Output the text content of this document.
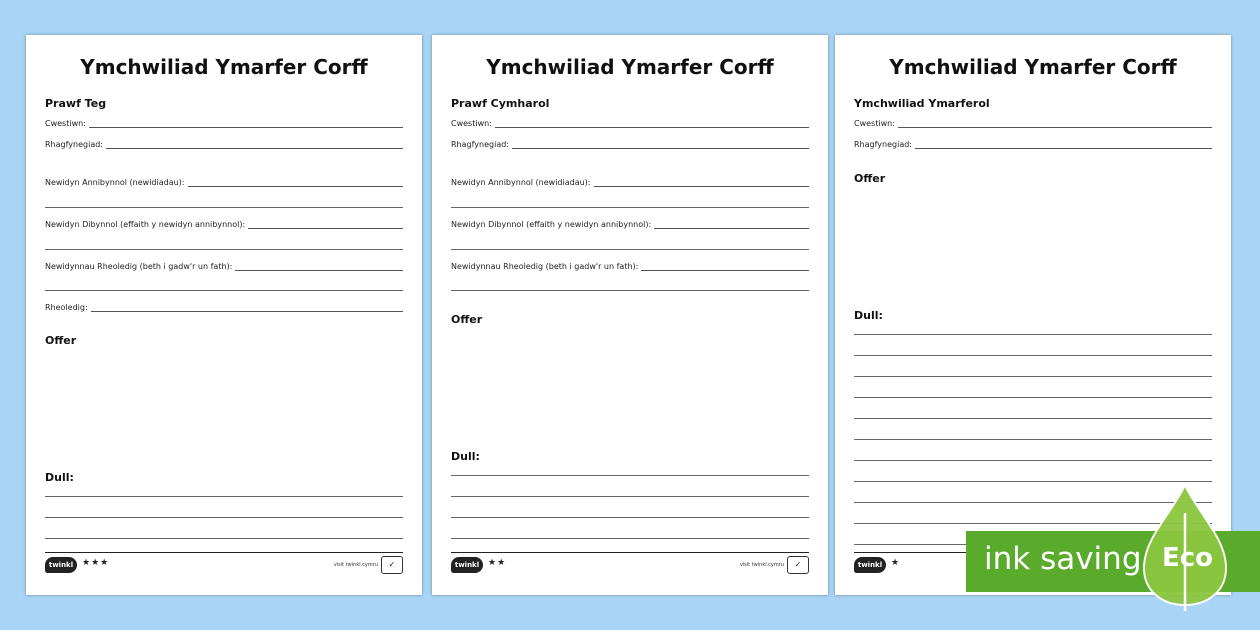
Ymchwiliad Ymarfer Corff
Prawf Teg
Cwestiwn:
Rhagfynegiad:
Newidyn Annibynnol (newidiadau):
Newidyn Dibynnol (effaith y newidyn annibynnol):
Newidynnau Rheoledig (beth i gadw'r un fath):
Rheoledig:
Offer
Dull:
twinkl ★★★	visit twinkl.cymru	✓
Ymchwiliad Ymarfer Corff
Prawf Cymharol
Cwestiwn:
Rhagfynegiad:
Newidyn Annibynnol (newidiadau):
Newidyn Dibynnol (effaith y newidyn annibynnol):
Newidynnau Rheoledig (beth i gadw'r un fath):
Offer
Dull:
twinkl ★★	visit twinkl.cymru	✓
Ymchwiliad Ymarfer Corff
Ymchwiliad Ymarferol
Cwestiwn:
Rhagfynegiad:
Offer
Dull:
twinkl ★	ink saving Eco
